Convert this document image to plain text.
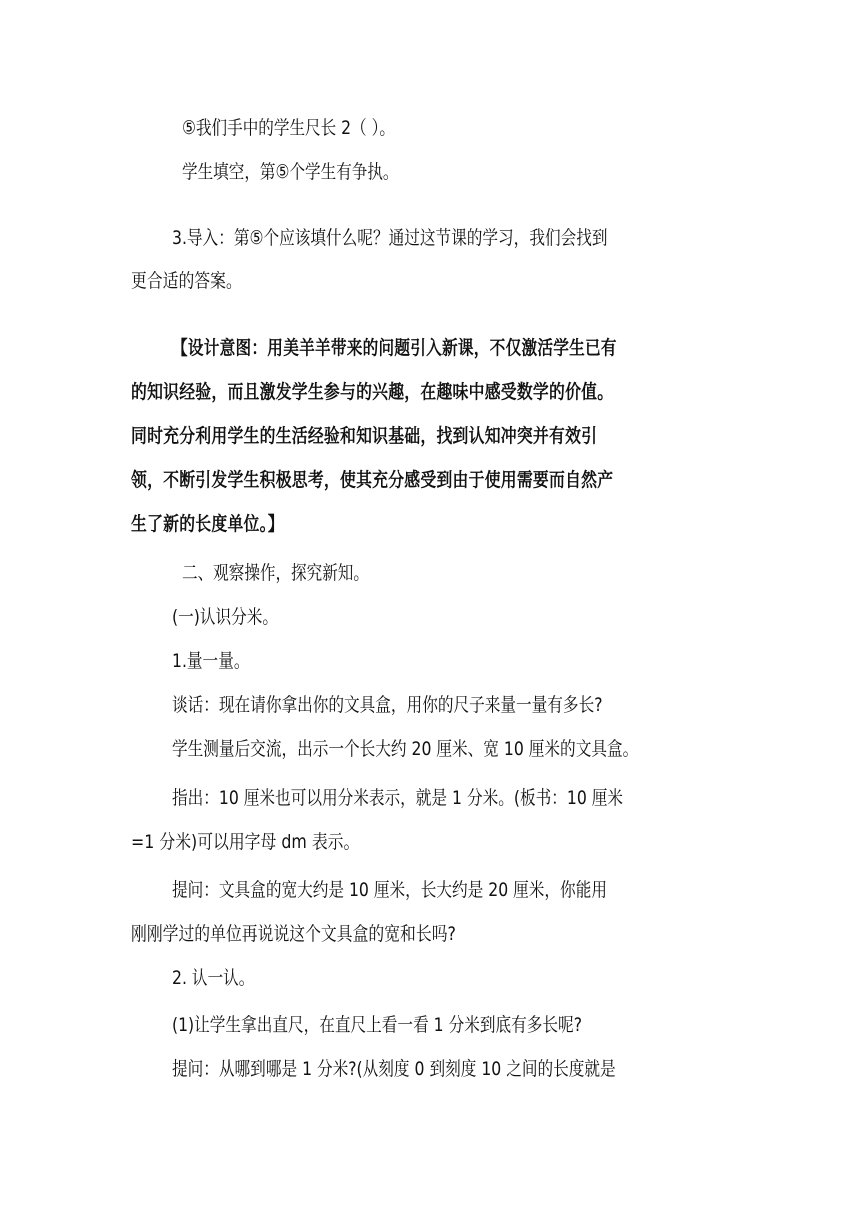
⑤我们手中的学生尺长 2（ ）。
学生填空，第⑤个学生有争执。
3.导入：第⑤个应该填什么呢？通过这节课的学习，我们会找到
更合适的答案。
【设计意图：用美羊羊带来的问题引入新课，不仅激活学生已有
的知识经验，而且激发学生参与的兴趣，在趣味中感受数学的价值。
同时充分利用学生的生活经验和知识基础，找到认知冲突并有效引
领，不断引发学生积极思考，使其充分感受到由于使用需要而自然产
生了新的长度单位。】
二、观察操作，探究新知。
(一)认识分米。
1.量一量。
谈话：现在请你拿出你的文具盒，用你的尺子来量一量有多长?
学生测量后交流，出示一个长大约 20 厘米、宽 10 厘米的文具盒。
指出：10 厘米也可以用分米表示，就是 1 分米。(板书：10 厘米
=1 分米)可以用字母 dm 表示。
提问：文具盒的宽大约是 10 厘米，长大约是 20 厘米，你能用
刚刚学过的单位再说说这个文具盒的宽和长吗?
2. 认一认。
(1)让学生拿出直尺，在直尺上看一看 1 分米到底有多长呢?
提问：从哪到哪是 1 分米?(从刻度 0 到刻度 10 之间的长度就是
